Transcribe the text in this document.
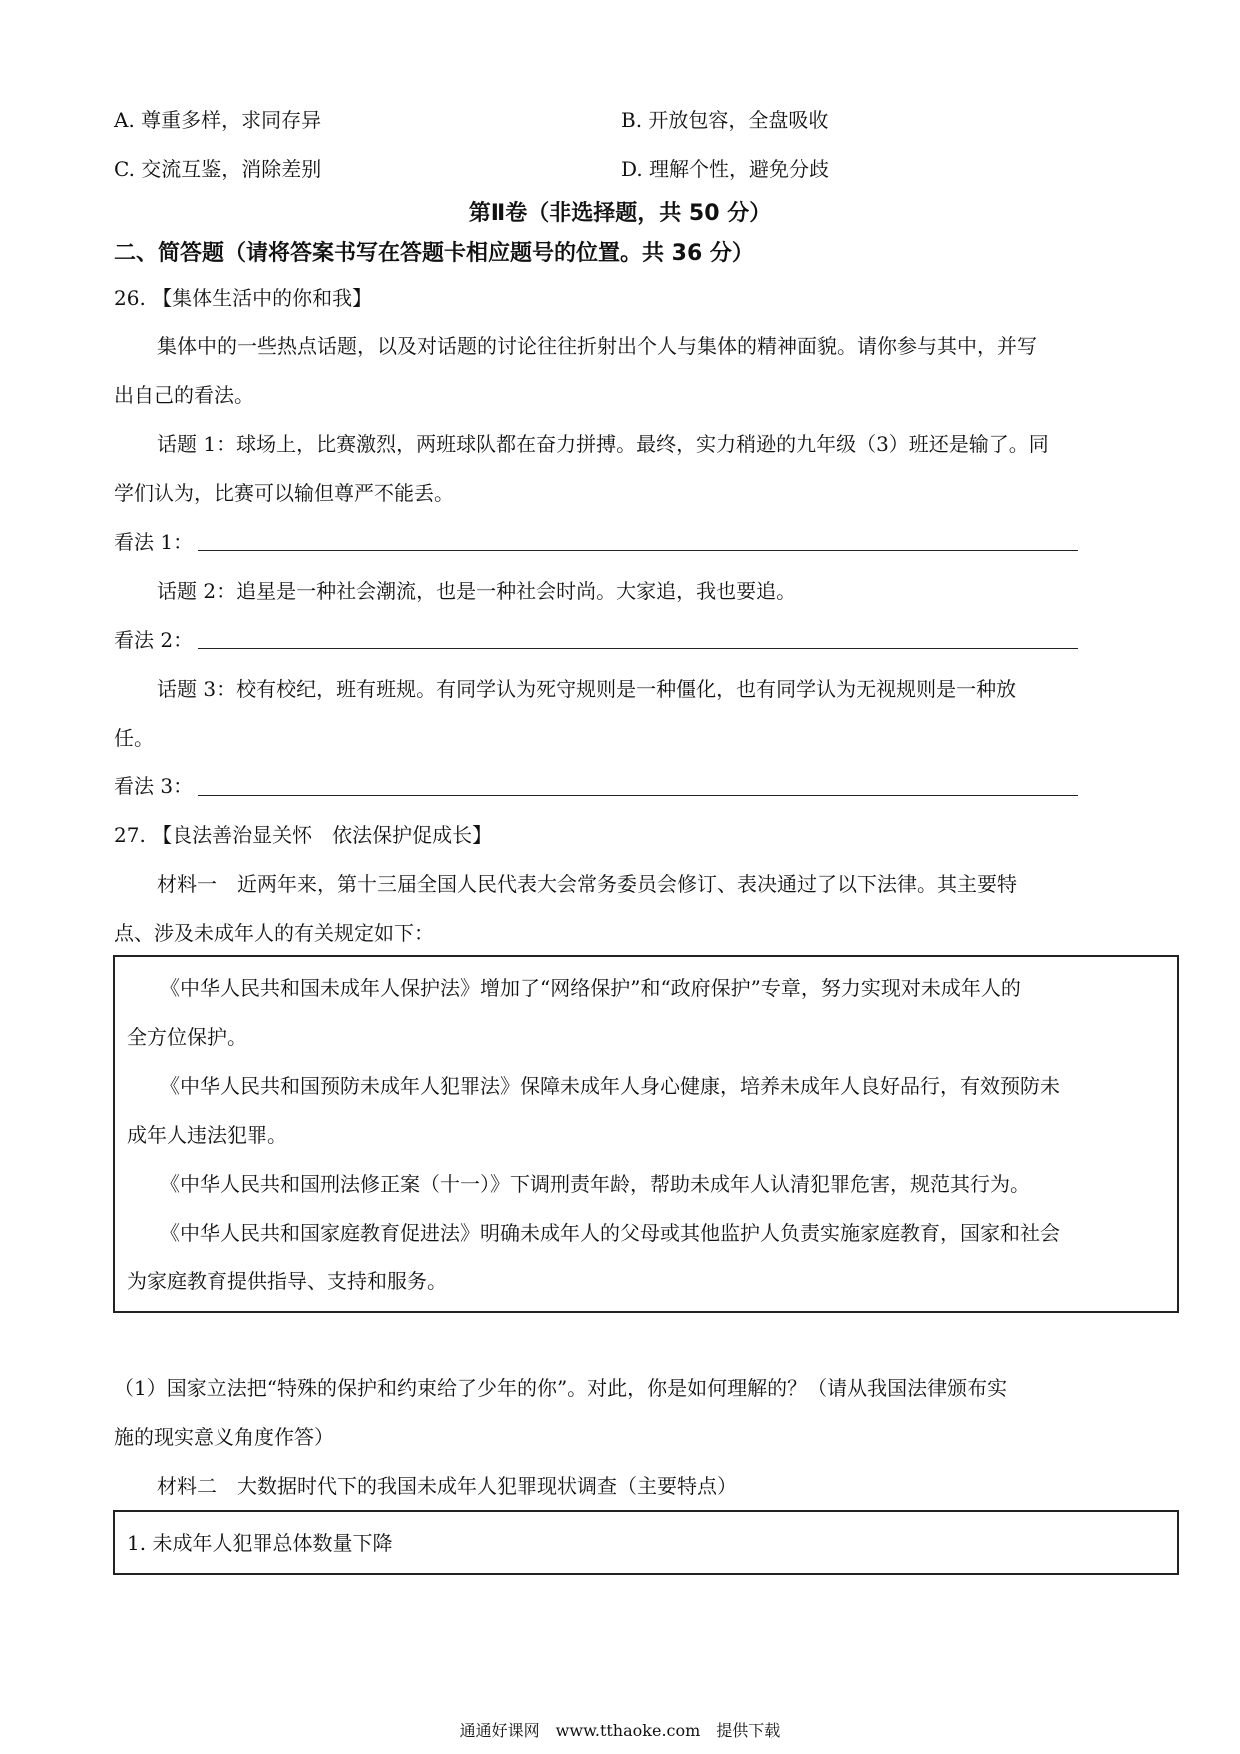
A. 尊重多样，求同存异	B. 开放包容，全盘吸收
C. 交流互鉴，消除差别	D. 理解个性，避免分歧
第Ⅱ卷（非选择题，共 50 分）
二、简答题（请将答案书写在答题卡相应题号的位置。共 36 分）
26. 【集体生活中的你和我】
集体中的一些热点话题，以及对话题的讨论往往折射出个人与集体的精神面貌。请你参与其中，并写
出自己的看法。
话题 1：球场上，比赛激烈，两班球队都在奋力拼搏。最终，实力稍逊的九年级（3）班还是输了。同
学们认为，比赛可以输但尊严不能丢。
看法 1：
话题 2：追星是一种社会潮流，也是一种社会时尚。大家追，我也要追。
看法 2：
话题 3：校有校纪，班有班规。有同学认为死守规则是一种僵化，也有同学认为无视规则是一种放
任。
看法 3：
27. 【良法善治显关怀　依法保护促成长】
材料一　近两年来，第十三届全国人民代表大会常务委员会修订、表决通过了以下法律。其主要特
点、涉及未成年人的有关规定如下：
《中华人民共和国未成年人保护法》增加了“网络保护”和“政府保护”专章，努力实现对未成年人的
全方位保护。
《中华人民共和国预防未成年人犯罪法》保障未成年人身心健康，培养未成年人良好品行，有效预防未
成年人违法犯罪。
《中华人民共和国刑法修正案（十一）》下调刑责年龄，帮助未成年人认清犯罪危害，规范其行为。
《中华人民共和国家庭教育促进法》明确未成年人的父母或其他监护人负责实施家庭教育，国家和社会
为家庭教育提供指导、支持和服务。
（1）国家立法把“特殊的保护和约束给了少年的你”。对此，你是如何理解的？（请从我国法律颁布实
施的现实意义角度作答）
材料二　大数据时代下的我国未成年人犯罪现状调查（主要特点）
1. 未成年人犯罪总体数量下降
通通好课网　www.tthaoke.com　提供下载
